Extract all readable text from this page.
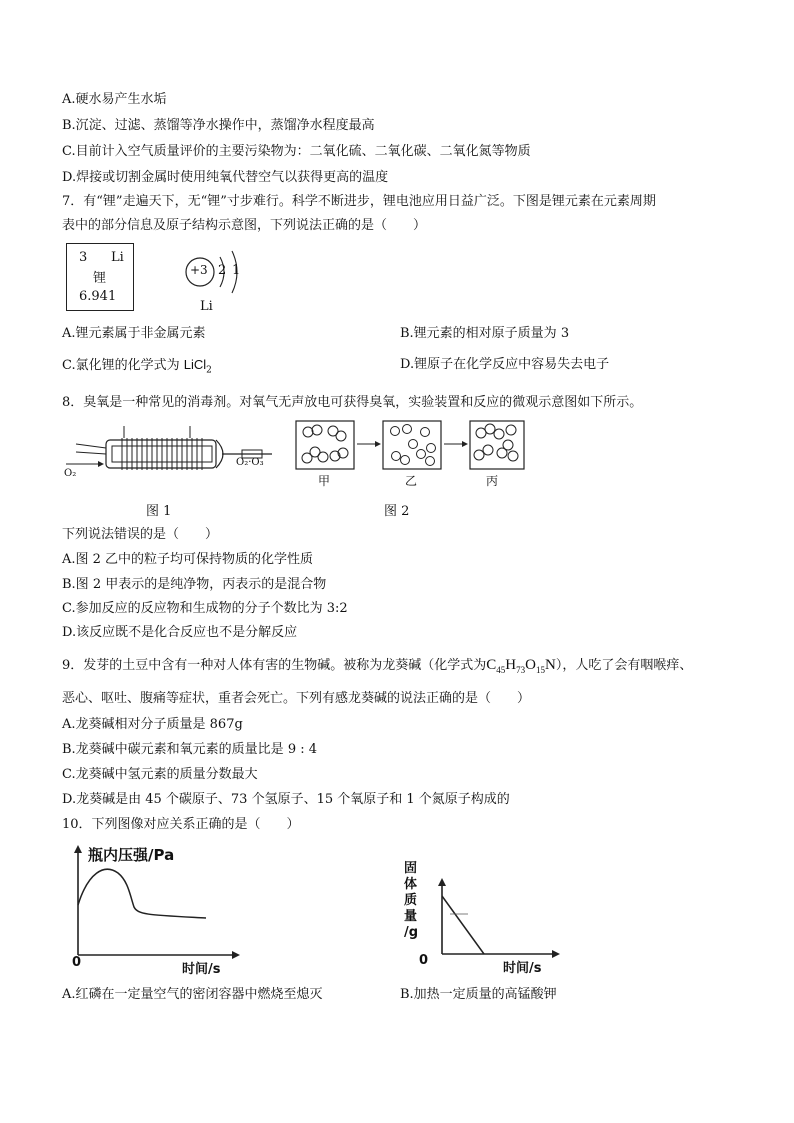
A.硬水易产生水垢
B.沉淀、过滤、蒸馏等净水操作中，蒸馏净水程度最高
C.目前计入空气质量评价的主要污染物为：二氧化硫、二氧化碳、二氧化氮等物质
D.焊接或切割金属时使用纯氧代替空气以获得更高的温度
7．有“锂”走遍天下，无“锂”寸步难行。科学不断进步，锂电池应用日益广泛。下图是锂元素在元素周期
表中的部分信息及原子结构示意图，下列说法正确的是（　　）
3 Li
锂
6.941
+3 2 1
Li
A.锂元素属于非金属元素	B.锂元素的相对原子质量为 3
C.氯化锂的化学式为 LiCl$_2$	D.锂原子在化学反应中容易失去电子
8．臭氧是一种常见的消毒剂。对氧气无声放电可获得臭氧，实验装置和反应的微观示意图如下所示。
O₂
O₂·O₃
图 1
甲	乙	丙
图 2
下列说法错误的是（　　）
A.图 2 乙中的粒子均可保持物质的化学性质
B.图 2 甲表示的是纯净物，丙表示的是混合物
C.参加反应的反应物和生成物的分子个数比为 3:2
D.该反应既不是化合反应也不是分解反应
9．发芽的土豆中含有一种对人体有害的生物碱。被称为龙葵碱（化学式为$C_{45}H_{73}O_{15}N$），人吃了会有咽喉痒、
恶心、呕吐、腹痛等症状，重者会死亡。下列有感龙葵碱的说法正确的是（　　）
A.龙葵碱相对分子质量是 867g
B.龙葵碱中碳元素和氧元素的质量比是 9 : 4
C.龙葵碱中氢元素的质量分数最大
D.龙葵碱是由 45 个碳原子、73 个氢原子、15 个氧原子和 1 个氮原子构成的
10．下列图像对应关系正确的是（　　）
瓶内压强/Pa
0	时间/s
固
体
质
量
/g
0
时间/s
A.红磷在一定量空气的密闭容器中燃烧至熄灭	B.加热一定质量的高锰酸钾
